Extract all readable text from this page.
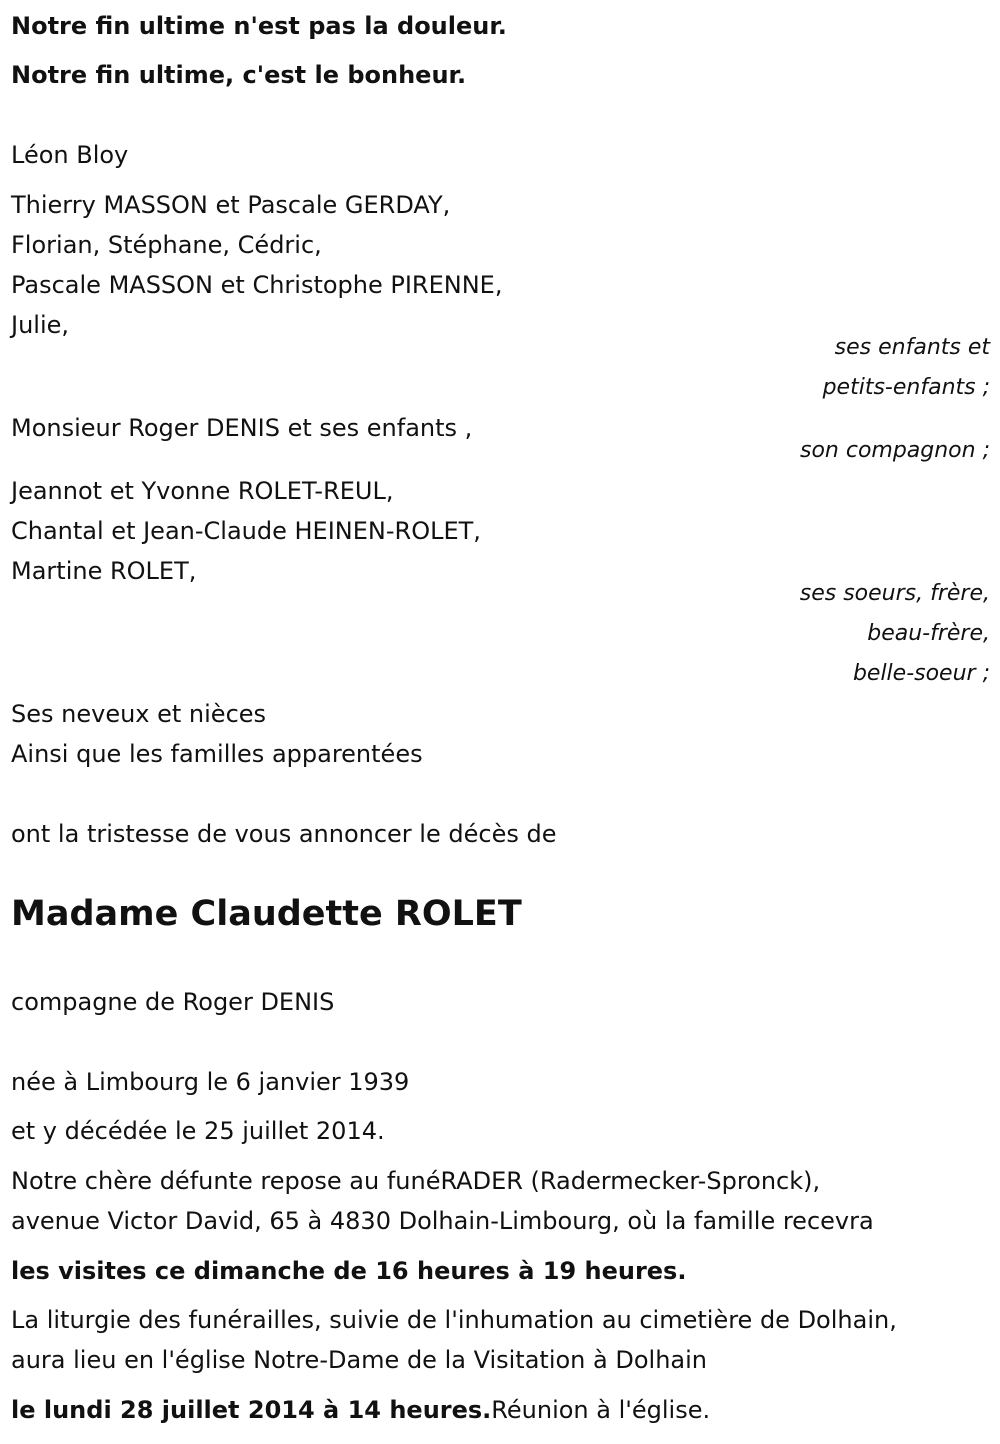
Notre fin ultime n'est pas la douleur.
Notre fin ultime, c'est le bonheur.
Léon Bloy
Thierry MASSON et Pascale GERDAY,
Florian, Stéphane, Cédric,
Pascale MASSON et Christophe PIRENNE,
Julie,
ses enfants et
petits-enfants ;
Monsieur Roger DENIS et ses enfants ,
son compagnon ;
Jeannot et Yvonne ROLET-REUL,
Chantal et Jean-Claude HEINEN-ROLET,
Martine ROLET,
ses soeurs, frère,
beau-frère,
belle-soeur ;
Ses neveux et nièces
Ainsi que les familles apparentées
ont la tristesse de vous annoncer le décès de
Madame Claudette ROLET
compagne de Roger DENIS
née à Limbourg le 6 janvier 1939
et y décédée le 25 juillet 2014.
Notre chère défunte repose au funéRADER (Radermecker-Spronck),
avenue Victor David, 65 à 4830 Dolhain-Limbourg, où la famille recevra
les visites ce dimanche de 16 heures à 19 heures.
La liturgie des funérailles, suivie de l'inhumation au cimetière de Dolhain,
aura lieu en l'église Notre-Dame de la Visitation à Dolhain
le lundi 28 juillet 2014 à 14 heures.Réunion à l'église.
